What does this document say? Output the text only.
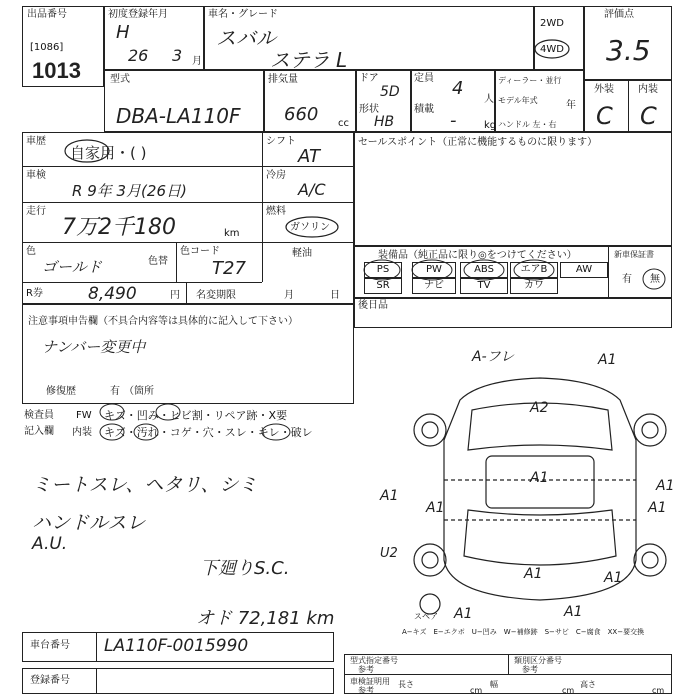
出品番号
[1086]
1013
初度登録年月
H
26 3 月
車名・グレード
スバル
ステラ L
2WD
4WD
評価点
3.5
型式
DBA-LA110F
排気量
660 cc
ドア
5D
形状
HB
定員 4
人
積載
-	kg
ディーラー・並行
モデル年式	年
ハンドル 左・右
外装 内装
C C
車歴
自家用・( )
シフト
AT
車検
R 9年 3月(26日)
冷房
A/C
走行
7万2千180	km
燃料
ガソリン
軽油
色
ゴールド	色替
色コード
T27
R券	8,490	円 名変期限	月	日
セールスポイント（正常に機能するものに限ります）
装備品（純正品に限り◎をつけてください）
PS	PW	ABS	エアB	AW
SR	ナビ	TV	カワ
新車保証書
有 無
後日品
注意事項申告欄（不具合内容等は具体的に記入して下さい）
ナンバー変更中
修復歴	有 （箇所
検査員
記入欄
FW キズ・凹み・ヒビ割・リペア跡・X要
内装 キズ・汚れ・コゲ・穴・スレ・キレ・破レ
ミートスレ、ヘタリ、シミ
ハンドルスレ
A.U.
下廻りS.C.
オド 72,181 km
A-フレ	A1
A2
A1
A1	A1
A1
A1
A1
U2
A1
A1	A1
スペア
A−キズ　E−エクボ　U−凹み　W−補修跡　S−サビ　C−腐食　XX−要交換
車台番号 LA110F-0015990
登録番号
型式指定番号
参考
類別区分番号
参考
車検証明用
参考
長さ
cm
幅
cm
高さ
cm
